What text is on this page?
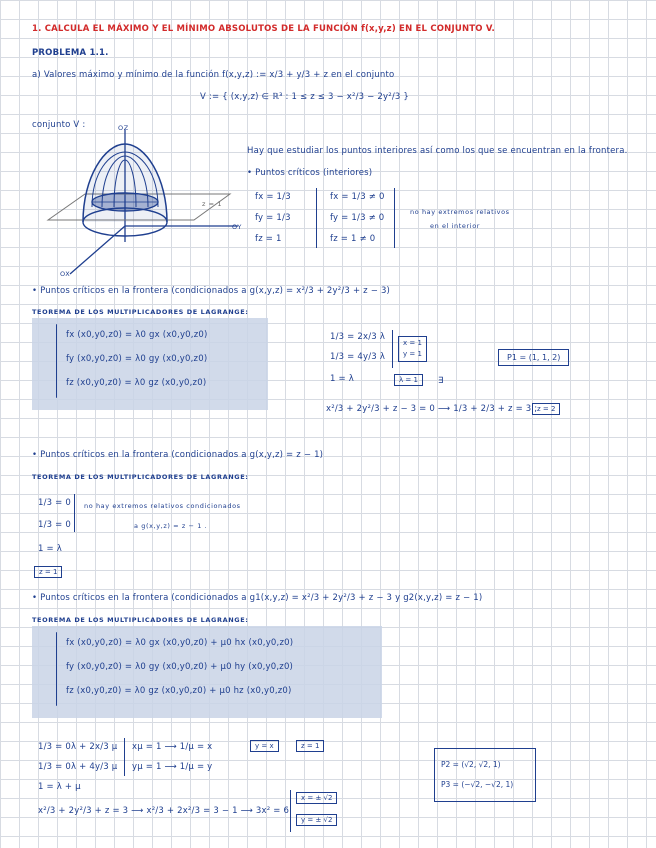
1. CALCULA EL MÁXIMO Y EL MÍNIMO ABSOLUTOS DE LA FUNCIÓN f(x,y,z) EN EL CONJUNTO V.
PROBLEMA 1.1.
a) Valores máximo y mínimo de la función f(x,y,z) := x/3 + y/3 + z en el conjunto
V := { (x,y,z) ∈ ℝ³ : 1 ≤ z ≤ 3 − x²/3 − 2y²/3 }
conjunto V :	OZ
OY
OX
z = 1
Hay que estudiar los puntos interiores así como los que se encuentran en la frontera.
• Puntos críticos (interiores)
fx = 1/3
fy = 1/3
fz = 1
fx = 1/3 ≠ 0
fy = 1/3 ≠ 0
fz = 1 ≠ 0
no hay extremos relativos
en el interior
• Puntos críticos en la frontera (condicionados a g(x,y,z) = x²/3 + 2y²/3 + z − 3)
TEOREMA DE LOS MULTIPLICADORES DE LAGRANGE:
fx (x0,y0,z0) = λ0 gx (x0,y0,z0)
fy (x0,y0,z0) = λ0 gy (x0,y0,z0)
fz (x0,y0,z0) = λ0 gz (x0,y0,z0)
1/3 = 2x/3 λ
1/3 = 4y/3 λ
1 = λ
x = 1
y = 1
λ = 1	∃
P1 = (1, 1, 2)
x²/3 + 2y²/3 + z − 3 = 0 ⟶ 1/3 + 2/3 + z = 3 ; z = 2
• Puntos críticos en la frontera (condicionados a g(x,y,z) = z − 1)
TEOREMA DE LOS MULTIPLICADORES DE LAGRANGE:
1/3 = 0
1/3 = 0
no hay extremos relativos condicionados
a g(x,y,z) = z − 1 .
1 = λ
z = 1
• Puntos críticos en la frontera (condicionados a g1(x,y,z) = x²/3 + 2y²/3 + z − 3 y g2(x,y,z) = z − 1)
TEOREMA DE LOS MULTIPLICADORES DE LAGRANGE:
fx (x0,y0,z0) = λ0 gx (x0,y0,z0) + μ0 hx (x0,y0,z0)
fy (x0,y0,z0) = λ0 gy (x0,y0,z0) + μ0 hy (x0,y0,z0)
fz (x0,y0,z0) = λ0 gz (x0,y0,z0) + μ0 hz (x0,y0,z0)
1/3 = 0λ + 2x/3 μ
1/3 = 0λ + 4y/3 μ
1 = λ + μ
xμ = 1 ⟶ 1/μ = x
yμ = 1 ⟶ 1/μ = y
y = x	z = 1
x²/3 + 2y²/3 + z = 3 ⟶ x²/3 + 2x²/3 = 3 − 1 ⟶ 3x² = 6
x = ± √2
y = ± √2
P2 = (√2, √2, 1)
P3 = (−√2, −√2, 1)
